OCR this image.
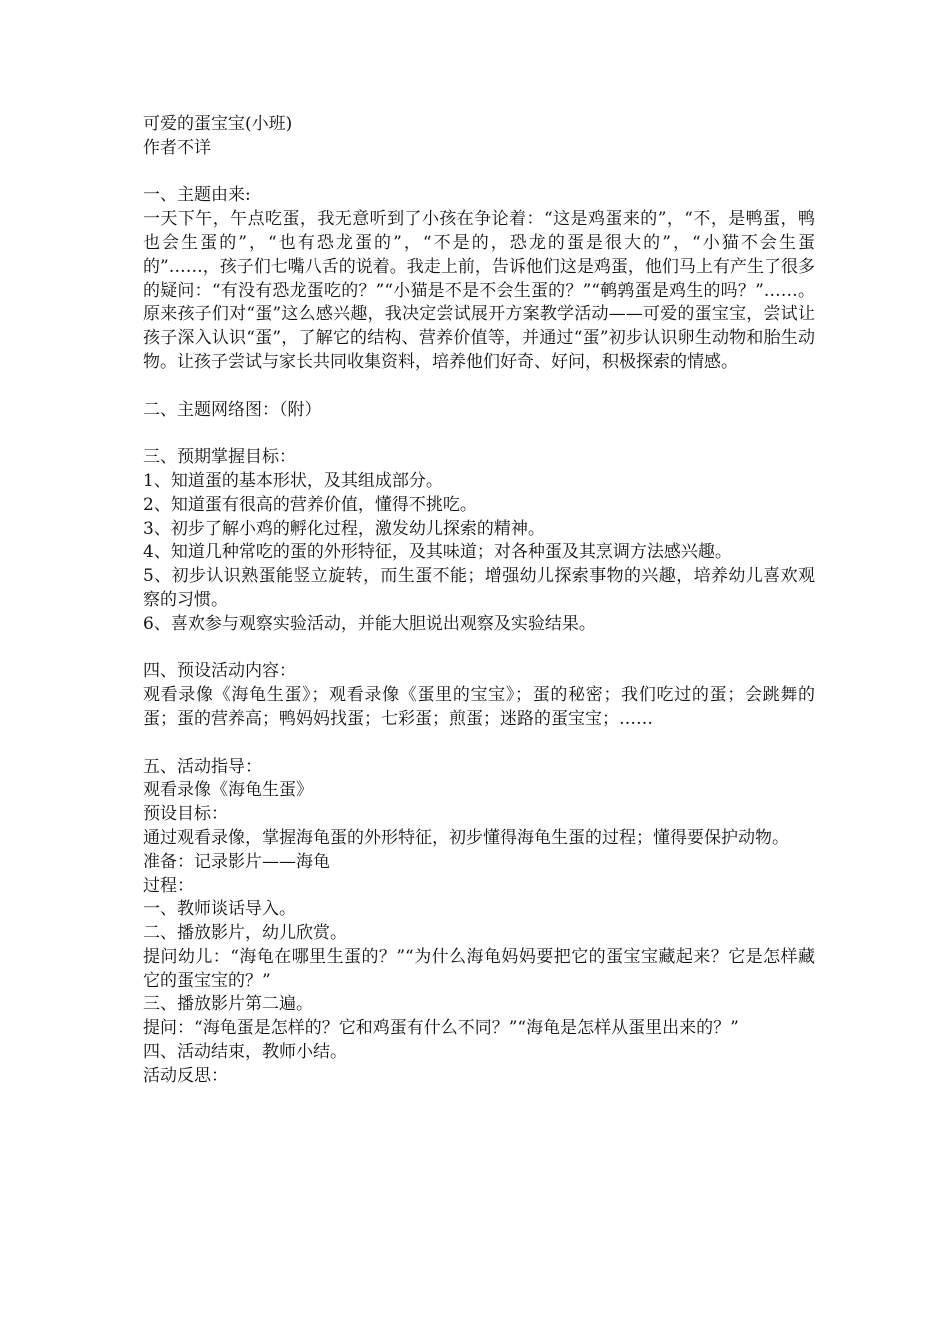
可爱的蛋宝宝(小班)
作者不详
一、主题由来:
一天下午，午点吃蛋，我无意听到了小孩在争论着：“这是鸡蛋来的”，“不，是鸭蛋，鸭也会生蛋的”，“也有恐龙蛋的”，“不是的，恐龙的蛋是很大的”，“小猫不会生蛋的”……，孩子们七嘴八舌的说着。我走上前，告诉他们这是鸡蛋，他们马上有产生了很多的疑问：“有没有恐龙蛋吃的？”“小猫是不是不会生蛋的？”“鹌鹑蛋是鸡生的吗？”……。原来孩子们对“蛋”这么感兴趣，我决定尝试展开方案教学活动——可爱的蛋宝宝，尝试让孩子深入认识“蛋”，了解它的结构、营养价值等，并通过“蛋”初步认识卵生动物和胎生动物。让孩子尝试与家长共同收集资料，培养他们好奇、好问，积极探索的情感。
二、主题网络图：（附）
三、预期掌握目标：
1、知道蛋的基本形状，及其组成部分。
2、知道蛋有很高的营养价值，懂得不挑吃。
3、初步了解小鸡的孵化过程，激发幼儿探索的精神。
4、知道几种常吃的蛋的外形特征，及其味道；对各种蛋及其烹调方法感兴趣。
5、初步认识熟蛋能竖立旋转，而生蛋不能；增强幼儿探索事物的兴趣，培养幼儿喜欢观察的习惯。
6、喜欢参与观察实验活动，并能大胆说出观察及实验结果。
四、预设活动内容：
观看录像《海龟生蛋》；观看录像《蛋里的宝宝》；蛋的秘密；我们吃过的蛋；会跳舞的蛋；蛋的营养高；鸭妈妈找蛋；七彩蛋；煎蛋；迷路的蛋宝宝；……
五、活动指导：
观看录像《海龟生蛋》
预设目标：
通过观看录像，掌握海龟蛋的外形特征，初步懂得海龟生蛋的过程；懂得要保护动物。
准备：记录影片——海龟
过程：
一、教师谈话导入。
二、播放影片，幼儿欣赏。
提问幼儿：“海龟在哪里生蛋的？”“为什么海龟妈妈要把它的蛋宝宝藏起来？它是怎样藏它的蛋宝宝的？”
三、播放影片第二遍。
提问：“海龟蛋是怎样的？它和鸡蛋有什么不同？”“海龟是怎样从蛋里出来的？”
四、活动结束，教师小结。
活动反思：
